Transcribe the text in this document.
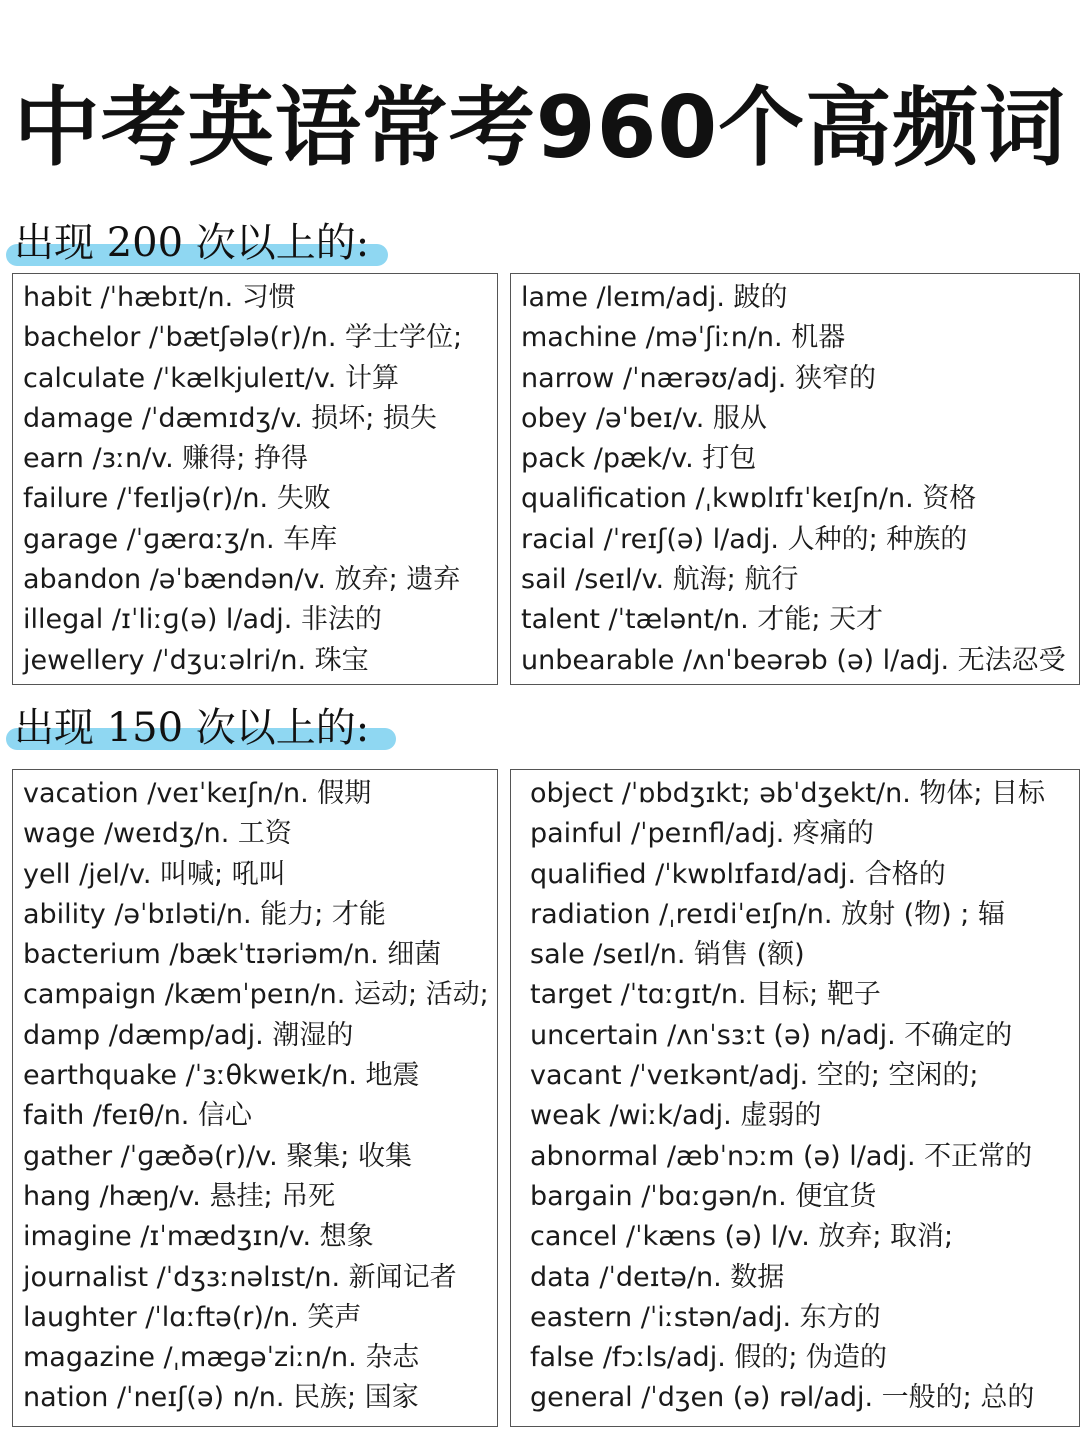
中考英语常考960个高频词
出现 200 次以上的:
habit /ˈhæbɪt/n. 习惯
bachelor /ˈbætʃələ(r)/n. 学士学位;
calculate /ˈkælkjuleɪt/v. 计算
damage /ˈdæmɪdʒ/v. 损坏; 损失
earn /ɜːn/v. 赚得; 挣得
failure /ˈfeɪljə(r)/n. 失败
garage /ˈɡærɑːʒ/n. 车库
abandon /əˈbændən/v. 放弃; 遗弃
illegal /ɪˈliːɡ(ə) l/adj. 非法的
jewellery /ˈdʒuːəlri/n. 珠宝
lame /leɪm/adj. 跛的
machine /məˈʃiːn/n. 机器
narrow /ˈnærəʊ/adj. 狭窄的
obey /əˈbeɪ/v. 服从
pack /pæk/v. 打包
qualification /ˌkwɒlɪfɪˈkeɪʃn/n. 资格
racial /ˈreɪʃ(ə) l/adj. 人种的; 种族的
sail /seɪl/v. 航海; 航行
talent /ˈtælənt/n. 才能; 天才
unbearable /ʌnˈbeərəb (ə) l/adj. 无法忍受
出现 150 次以上的:
vacation /veɪˈkeɪʃn/n. 假期
wage /weɪdʒ/n. 工资
yell /jel/v. 叫喊; 吼叫
ability /əˈbɪləti/n. 能力; 才能
bacterium /bækˈtɪəriəm/n. 细菌
campaign /kæmˈpeɪn/n. 运动; 活动;
damp /dæmp/adj. 潮湿的
earthquake /ˈɜːθkweɪk/n. 地震
faith /feɪθ/n. 信心
gather /ˈɡæðə(r)/v. 聚集; 收集
hang /hæŋ/v. 悬挂; 吊死
imagine /ɪˈmædʒɪn/v. 想象
journalist /ˈdʒɜːnəlɪst/n. 新闻记者
laughter /ˈlɑːftə(r)/n. 笑声
magazine /ˌmæɡəˈziːn/n. 杂志
nation /ˈneɪʃ(ə) n/n. 民族; 国家
object /ˈɒbdʒɪkt; əbˈdʒekt/n. 物体; 目标
painful /ˈpeɪnfl/adj. 疼痛的
qualified /ˈkwɒlɪfaɪd/adj. 合格的
radiation /ˌreɪdiˈeɪʃn/n. 放射 (物) ; 辐
sale /seɪl/n. 销售 (额)
target /ˈtɑːɡɪt/n. 目标; 靶子
uncertain /ʌnˈsɜːt (ə) n/adj. 不确定的
vacant /ˈveɪkənt/adj. 空的; 空闲的;
weak /wiːk/adj. 虚弱的
abnormal /æbˈnɔːm (ə) l/adj. 不正常的
bargain /ˈbɑːɡən/n. 便宜货
cancel /ˈkæns (ə) l/v. 放弃; 取消;
data /ˈdeɪtə/n. 数据
eastern /ˈiːstən/adj. 东方的
false /fɔːls/adj. 假的; 伪造的
general /ˈdʒen (ə) rəl/adj. 一般的; 总的
